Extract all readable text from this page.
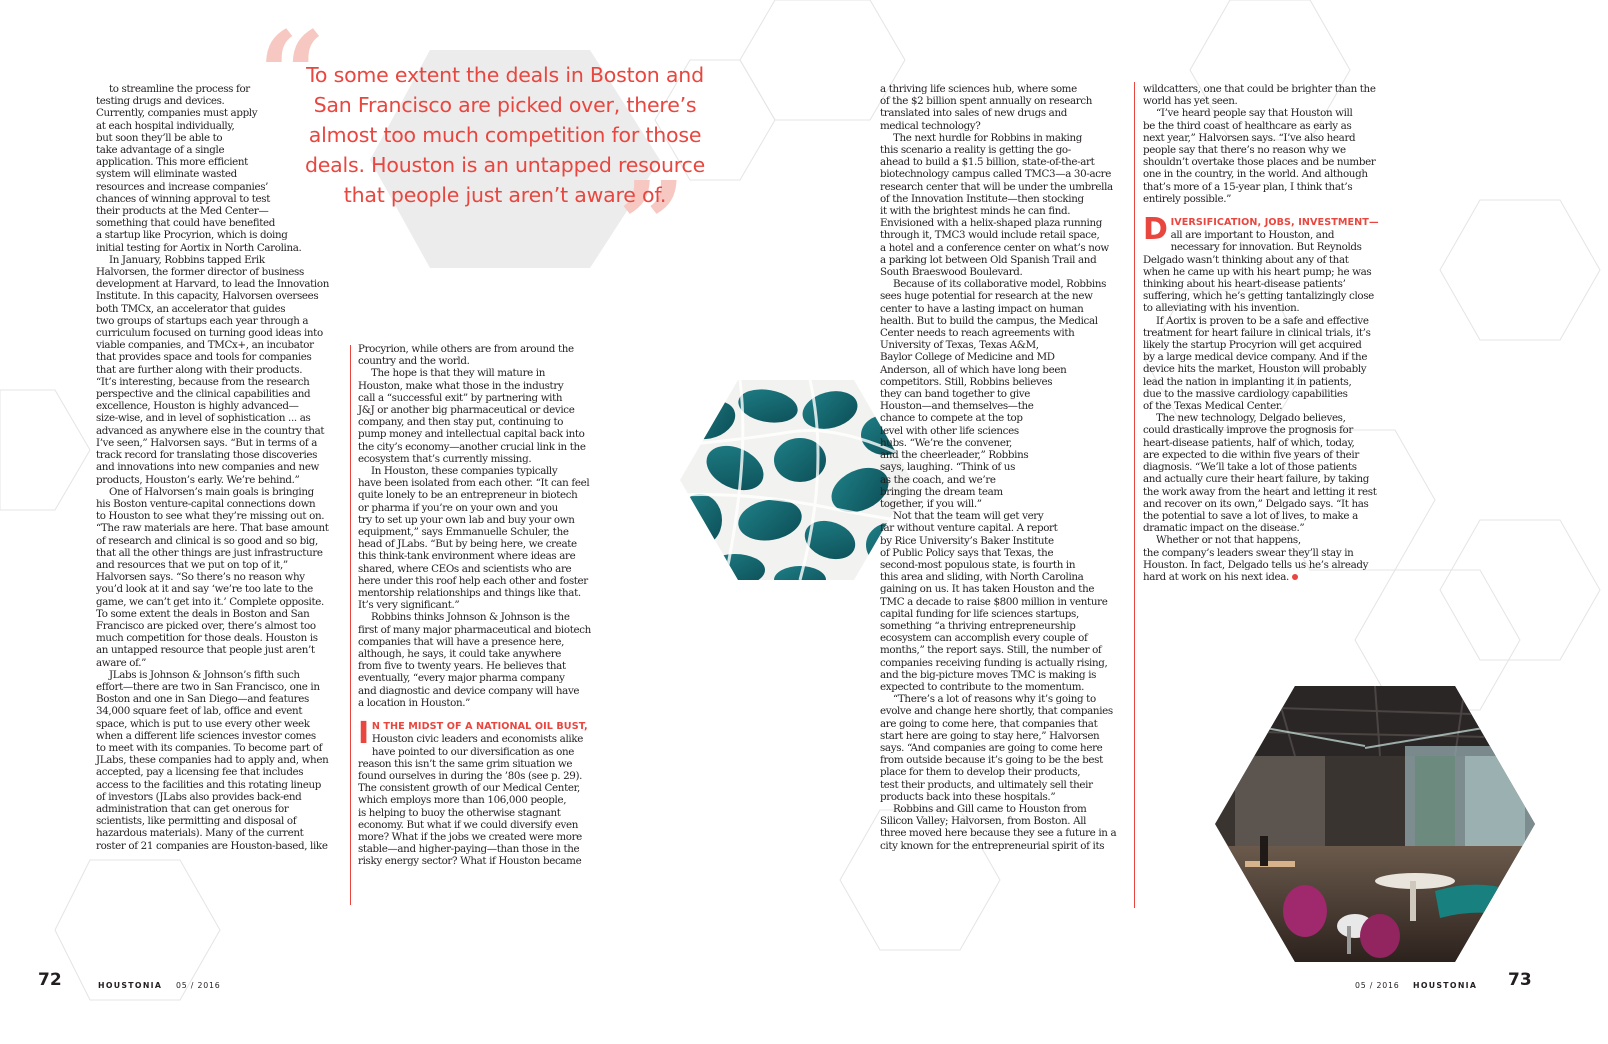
“
”
To some extent the deals in Boston and San Francisco are picked over, there’s almost too much competition for those deals. Houston is an untapped resource that people just aren’t aware of.

to streamline the process for
testing drugs and devices.
Currently, companies must apply
at each hospital individually,
but soon they’ll be able to
take advantage of a single
application. This more efficient
system will eliminate wasted
resources and increase companies’
chances of winning approval to test
their products at the Med Center—
something that could have benefited
a startup like Procyrion, which is doing
initial testing for Aortix in North Carolina.

In January, Robbins tapped Erik
Halvorsen, the former director of business
development at Harvard, to lead the Innovation
Institute. In this capacity, Halvorsen oversees
both TMCx, an accelerator that guides
two groups of startups each year through a
curriculum focused on turning good ideas into
viable companies, and TMCx+, an incubator
that provides space and tools for companies
that are further along with their products.
“It’s interesting, because from the research
perspective and the clinical capabilities and
excellence, Houston is highly advanced—
size-wise, and in level of sophistication ... as
advanced as anywhere else in the country that
I’ve seen,” Halvorsen says. “But in terms of a
track record for translating those discoveries
and innovations into new companies and new
products, Houston’s early. We’re behind.”

One of Halvorsen’s main goals is bringing
his Boston venture-capital connections down
to Houston to see what they’re missing out on.
“The raw materials are here. That base amount
of research and clinical is so good and so big,
that all the other things are just infrastructure
and resources that we put on top of it,”
Halvorsen says. “So there’s no reason why
you’d look at it and say ‘we’re too late to the
game, we can’t get into it.’ Complete opposite.
To some extent the deals in Boston and San
Francisco are picked over, there’s almost too
much competition for those deals. Houston is
an untapped resource that people just aren’t
aware of.”

JLabs is Johnson & Johnson’s fifth such
effort—there are two in San Francisco, one in
Boston and one in San Diego—and features
34,000 square feet of lab, office and event
space, which is put to use every other week
when a different life sciences investor comes
to meet with its companies. To become part of
JLabs, these companies had to apply and, when
accepted, pay a licensing fee that includes
access to the facilities and this rotating lineup
of investors (JLabs also provides back-end
administration that can get onerous for
scientists, like permitting and disposal of
hazardous materials). Many of the current
roster of 21 companies are Houston-based, like

Procyrion, while others are from around the
country and the world.

The hope is that they will mature in
Houston, make what those in the industry
call a “successful exit” by partnering with
J&J or another big pharmaceutical or device
company, and then stay put, continuing to
pump money and intellectual capital back into
the city’s economy—another crucial link in the
ecosystem that’s currently missing.

In Houston, these companies typically
have been isolated from each other. “It can feel
quite lonely to be an entrepreneur in biotech
or pharma if you’re on your own and you
try to set up your own lab and buy your own
equipment,” says Emmanuelle Schuler, the
head of JLabs. “But by being here, we create
this think-tank environment where ideas are
shared, where CEOs and scientists who are
here under this roof help each other and foster
mentorship relationships and things like that.
It’s very significant.”

Robbins thinks Johnson & Johnson is the
first of many major pharmaceutical and biotech
companies that will have a presence here,
although, he says, it could take anywhere
from five to twenty years. He believes that
eventually, “every major pharma company
and diagnostic and device company will have
a location in Houston.”

I N THE MIDST OF A NATIONAL OIL BUST,

Houston civic leaders and economists alike
have pointed to our diversification as one
reason this isn’t the same grim situation we
found ourselves in during the ’80s (see p. 29).
The consistent growth of our Medical Center,
which employs more than 106,000 people,
is helping to buoy the otherwise stagnant
economy. But what if we could diversify even
more? What if the jobs we created were more
stable—and higher-paying—than those in the
risky energy sector? What if Houston became

a thriving life sciences hub, where some
of the $2 billion spent annually on research
translated into sales of new drugs and
medical technology?

The next hurdle for Robbins in making
this scenario a reality is getting the go-
ahead to build a $1.5 billion, state-of-the-art
biotechnology campus called TMC3—a 30-acre
research center that will be under the umbrella
of the Innovation Institute—then stocking
it with the brightest minds he can find.
Envisioned with a helix-shaped plaza running
through it, TMC3 would include retail space,
a hotel and a conference center on what’s now
a parking lot between Old Spanish Trail and
South Braeswood Boulevard.

Because of its collaborative model, Robbins
sees huge potential for research at the new
center to have a lasting impact on human
health. But to build the campus, the Medical
Center needs to reach agreements with
University of Texas, Texas A&M,
Baylor College of Medicine and MD
Anderson, all of which have long been
competitors. Still, Robbins believes
they can band together to give
Houston—and themselves—the
chance to compete at the top
level with other life sciences
hubs. “We’re the convener,
and the cheerleader,” Robbins
says, laughing. “Think of us
as the coach, and we’re
bringing the dream team
together, if you will.”

Not that the team will get very
far without venture capital. A report
by Rice University’s Baker Institute
of Public Policy says that Texas, the
second-most populous state, is fourth in
this area and sliding, with North Carolina
gaining on us. It has taken Houston and the
TMC a decade to raise $800 million in venture
capital funding for life sciences startups,
something “a thriving entrepreneurship
ecosystem can accomplish every couple of
months,” the report says. Still, the number of
companies receiving funding is actually rising,
and the big-picture moves TMC is making is
expected to contribute to the momentum.

“There’s a lot of reasons why it’s going to
evolve and change here shortly, that companies
are going to come here, that companies that
start here are going to stay here,” Halvorsen
says. “And companies are going to come here
from outside because it’s going to be the best
place for them to develop their products,
test their products, and ultimately sell their
products back into these hospitals.”

Robbins and Gill came to Houston from
Silicon Valley; Halvorsen, from Boston. All
three moved here because they see a future in a
city known for the entrepreneurial spirit of its

wildcatters, one that could be brighter than the
world has yet seen.

“I’ve heard people say that Houston will
be the third coast of healthcare as early as
next year,” Halvorsen says. “I’ve also heard
people say that there’s no reason why we
shouldn’t overtake those places and be number
one in the country, in the world. And although
that’s more of a 15-year plan, I think that’s
entirely possible.”

D IVERSIFICATION, JOBS, INVESTMENT—

all are important to Houston, and
necessary for innovation. But Reynolds
Delgado wasn’t thinking about any of that
when he came up with his heart pump; he was
thinking about his heart-disease patients’
suffering, which he’s getting tantalizingly close
to alleviating with his invention.

If Aortix is proven to be a safe and effective
treatment for heart failure in clinical trials, it’s
likely the startup Procyrion will get acquired
by a large medical device company. And if the
device hits the market, Houston will probably
lead the nation in implanting it in patients,
due to the massive cardiology capabilities
of the Texas Medical Center.

The new technology, Delgado believes,
could drastically improve the prognosis for
heart-disease patients, half of which, today,
are expected to die within five years of their
diagnosis. “We’ll take a lot of those patients
and actually cure their heart failure, by taking
the work away from the heart and letting it rest
and recover on its own,” Delgado says. “It has
the potential to save a lot of lives, to make a
dramatic impact on the disease.”

Whether or not that happens,
the company’s leaders swear they’ll stay in
Houston. In fact, Delgado tells us he’s already
hard at work on his next idea.

72	HOUSTONIA 05 / 2016	05 / 2016 HOUSTONIA 73
